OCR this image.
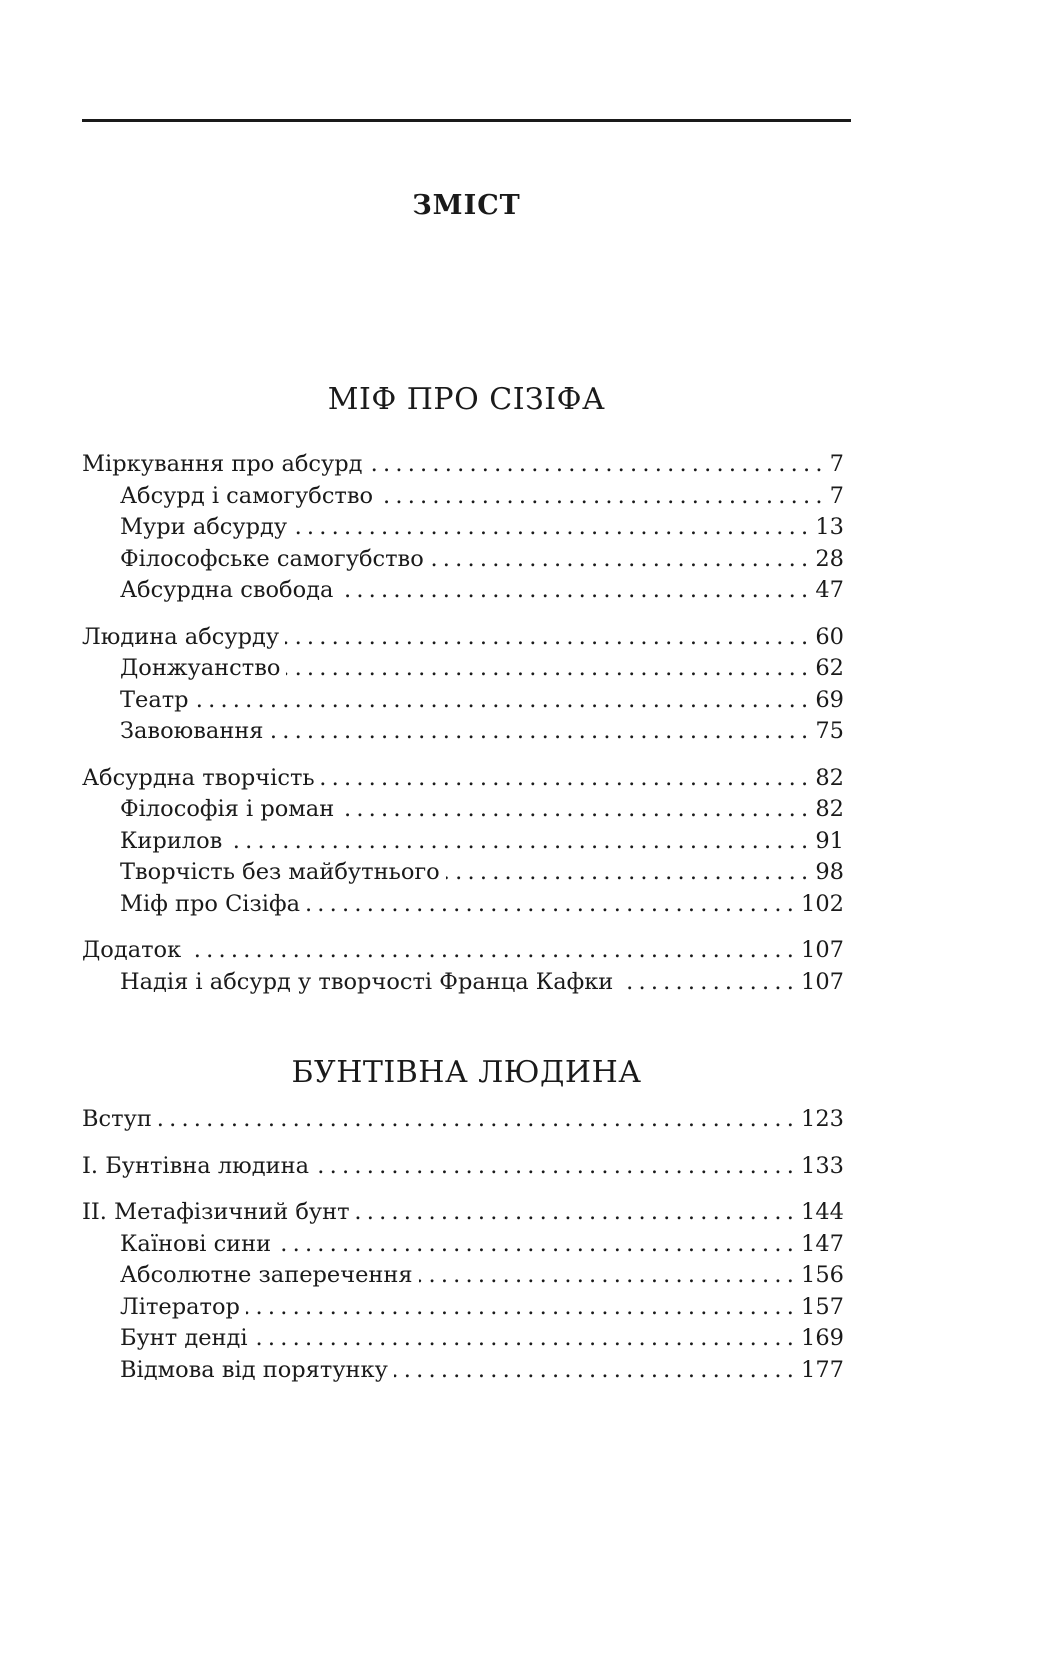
ЗМІСТ
МІФ ПРО СІЗІФА
Міркування про абсурд .....	7
Абсурд і самогубство .....	7
Мури абсурду .....	13
Філософське самогубство .....	28
Абсурдна свобода .....	47
Людина абсурду .....	60
Донжуанство .....	62
Театр .....	69
Завоювання .....	75
Абсурдна творчість .....	82
Філософія і роман .....	82
Кирилов .....	91
Творчість без майбутнього .....	98
Міф про Сізіфа .....	102
Додаток .....	107
Надія і абсурд у творчості Франца Кафки .....	107
БУНТІВНА ЛЮДИНА
Вступ .....	123
I. Бунтівна людина .....	133
II. Метафізичний бунт .....	144
Каїнові сини .....	147
Абсолютне заперечення .....	156
Літератор .....	157
Бунт денді .....	169
Відмова від порятунку .....	177
